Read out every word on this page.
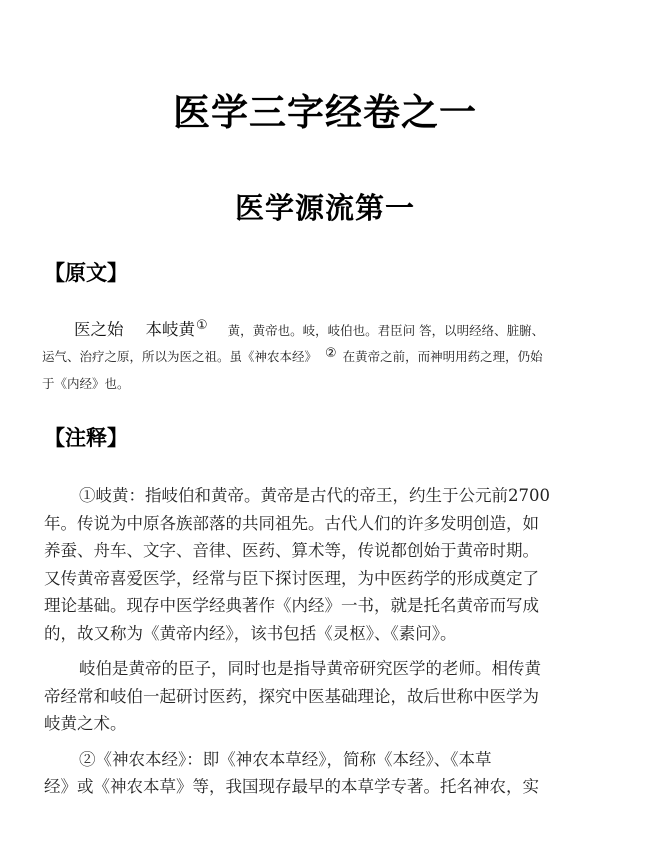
医学三字经卷之一
医学源流第一
【原文】
医之始 本岐黄① 黄，黄帝也。岐，岐伯也。君臣问 答，以明经络、脏腑、
运气、治疗之原，所以为医之祖。虽《神农本经》 ② 在黄帝之前，而神明用药之理，仍始
于《内经》也。
【注释】
①岐黄：指岐伯和黄帝。黄帝是古代的帝王，约生于公元前2700
年。传说为中原各族部落的共同祖先。古代人们的许多发明创造，如
养蚕、舟车、文字、音律、医药、算术等，传说都创始于黄帝时期。
又传黄帝喜爱医学，经常与臣下探讨医理，为中医药学的形成奠定了
理论基础。现存中医学经典著作《内经》一书，就是托名黄帝而写成
的，故又称为《黄帝内经》，该书包括《灵枢》、《素问》。
岐伯是黄帝的臣子，同时也是指导黄帝研究医学的老师。相传黄
帝经常和岐伯一起研讨医药，探究中医基础理论，故后世称中医学为
岐黄之术。
②《神农本经》：即《神农本草经》，简称《本经》、《本草
经》或《神农本草》等，我国现存最早的本草学专著。托名神农，实
